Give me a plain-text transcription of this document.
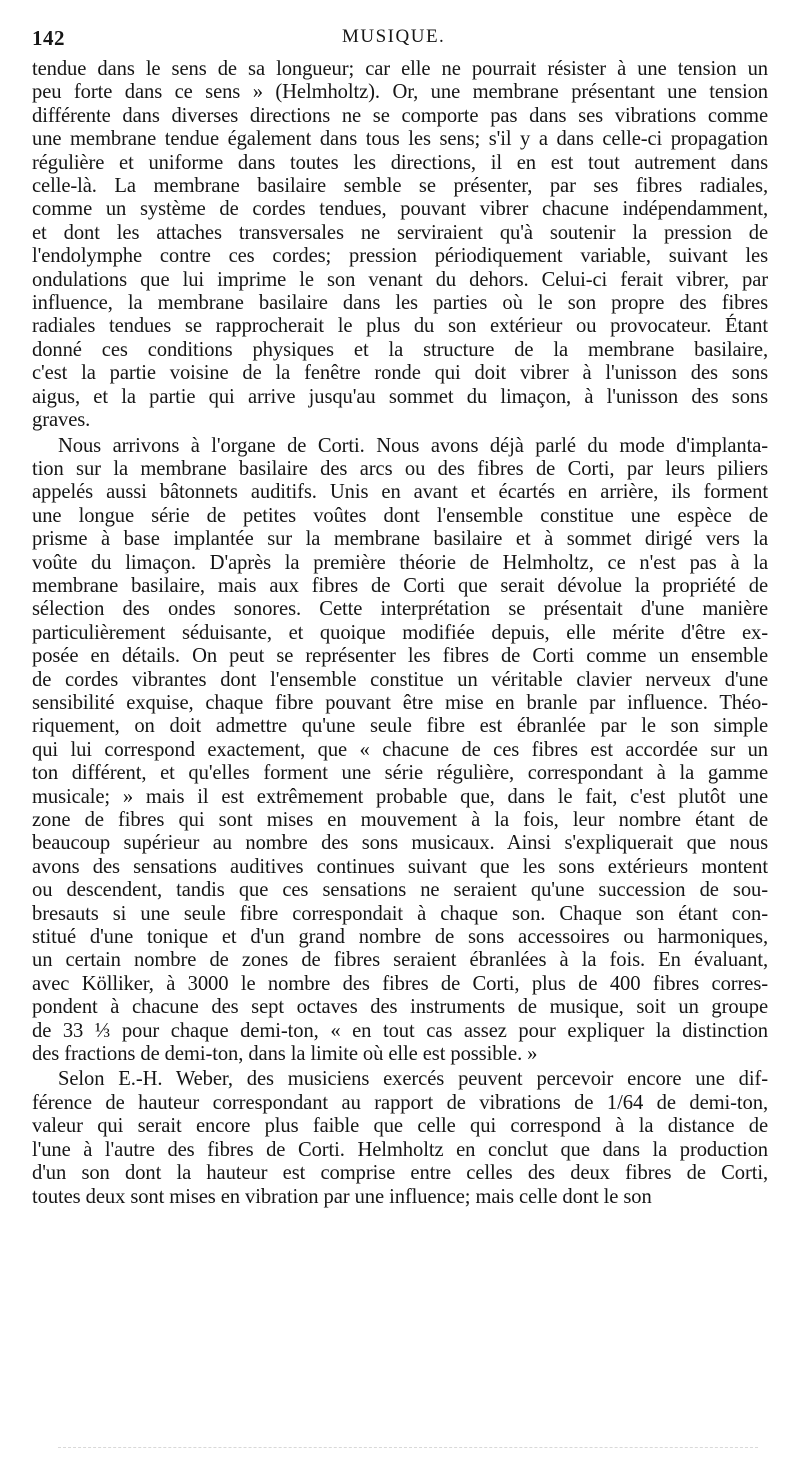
142	MUSIQUE.
tendue dans le sens de sa longueur; car elle ne pourrait résister à une tension un
peu forte dans ce sens » (Helmholtz). Or, une membrane présentant une tension
différente dans diverses directions ne se comporte pas dans ses vibrations comme
une membrane tendue également dans tous les sens; s'il y a dans celle-ci propagation
régulière et uniforme dans toutes les directions, il en est tout autrement dans
celle-là. La membrane basilaire semble se présenter, par ses fibres radiales,
comme un système de cordes tendues, pouvant vibrer chacune indépendamment,
et dont les attaches transversales ne serviraient qu'à soutenir la pression de
l'endolymphe contre ces cordes; pression périodiquement variable, suivant les
ondulations que lui imprime le son venant du dehors. Celui-ci ferait vibrer, par
influence, la membrane basilaire dans les parties où le son propre des fibres
radiales tendues se rapprocherait le plus du son extérieur ou provocateur. Étant
donné ces conditions physiques et la structure de la membrane basilaire,
c'est la partie voisine de la fenêtre ronde qui doit vibrer à l'unisson des sons
aigus, et la partie qui arrive jusqu'au sommet du limaçon, à l'unisson des sons
graves.
Nous arrivons à l'organe de Corti. Nous avons déjà parlé du mode d'implanta-
tion sur la membrane basilaire des arcs ou des fibres de Corti, par leurs piliers
appelés aussi bâtonnets auditifs. Unis en avant et écartés en arrière, ils forment
une longue série de petites voûtes dont l'ensemble constitue une espèce de
prisme à base implantée sur la membrane basilaire et à sommet dirigé vers la
voûte du limaçon. D'après la première théorie de Helmholtz, ce n'est pas à la
membrane basilaire, mais aux fibres de Corti que serait dévolue la propriété de
sélection des ondes sonores. Cette interprétation se présentait d'une manière
particulièrement séduisante, et quoique modifiée depuis, elle mérite d'être ex-
posée en détails. On peut se représenter les fibres de Corti comme un ensemble
de cordes vibrantes dont l'ensemble constitue un véritable clavier nerveux d'une
sensibilité exquise, chaque fibre pouvant être mise en branle par influence. Théo-
riquement, on doit admettre qu'une seule fibre est ébranlée par le son simple
qui lui correspond exactement, que « chacune de ces fibres est accordée sur un
ton différent, et qu'elles forment une série régulière, correspondant à la gamme
musicale; » mais il est extrêmement probable que, dans le fait, c'est plutôt une
zone de fibres qui sont mises en mouvement à la fois, leur nombre étant de
beaucoup supérieur au nombre des sons musicaux. Ainsi s'expliquerait que nous
avons des sensations auditives continues suivant que les sons extérieurs montent
ou descendent, tandis que ces sensations ne seraient qu'une succession de sou-
bresauts si une seule fibre correspondait à chaque son. Chaque son étant con-
stitué d'une tonique et d'un grand nombre de sons accessoires ou harmoniques,
un certain nombre de zones de fibres seraient ébranlées à la fois. En évaluant,
avec Kölliker, à 3000 le nombre des fibres de Corti, plus de 400 fibres corres-
pondent à chacune des sept octaves des instruments de musique, soit un groupe
de 33 ⅓ pour chaque demi-ton, « en tout cas assez pour expliquer la distinction
des fractions de demi-ton, dans la limite où elle est possible. »
Selon E.-H. Weber, des musiciens exercés peuvent percevoir encore une dif-
férence de hauteur correspondant au rapport de vibrations de 1/64 de demi-ton,
valeur qui serait encore plus faible que celle qui correspond à la distance de
l'une à l'autre des fibres de Corti. Helmholtz en conclut que dans la production
d'un son dont la hauteur est comprise entre celles des deux fibres de Corti,
toutes deux sont mises en vibration par une influence; mais celle dont le son
